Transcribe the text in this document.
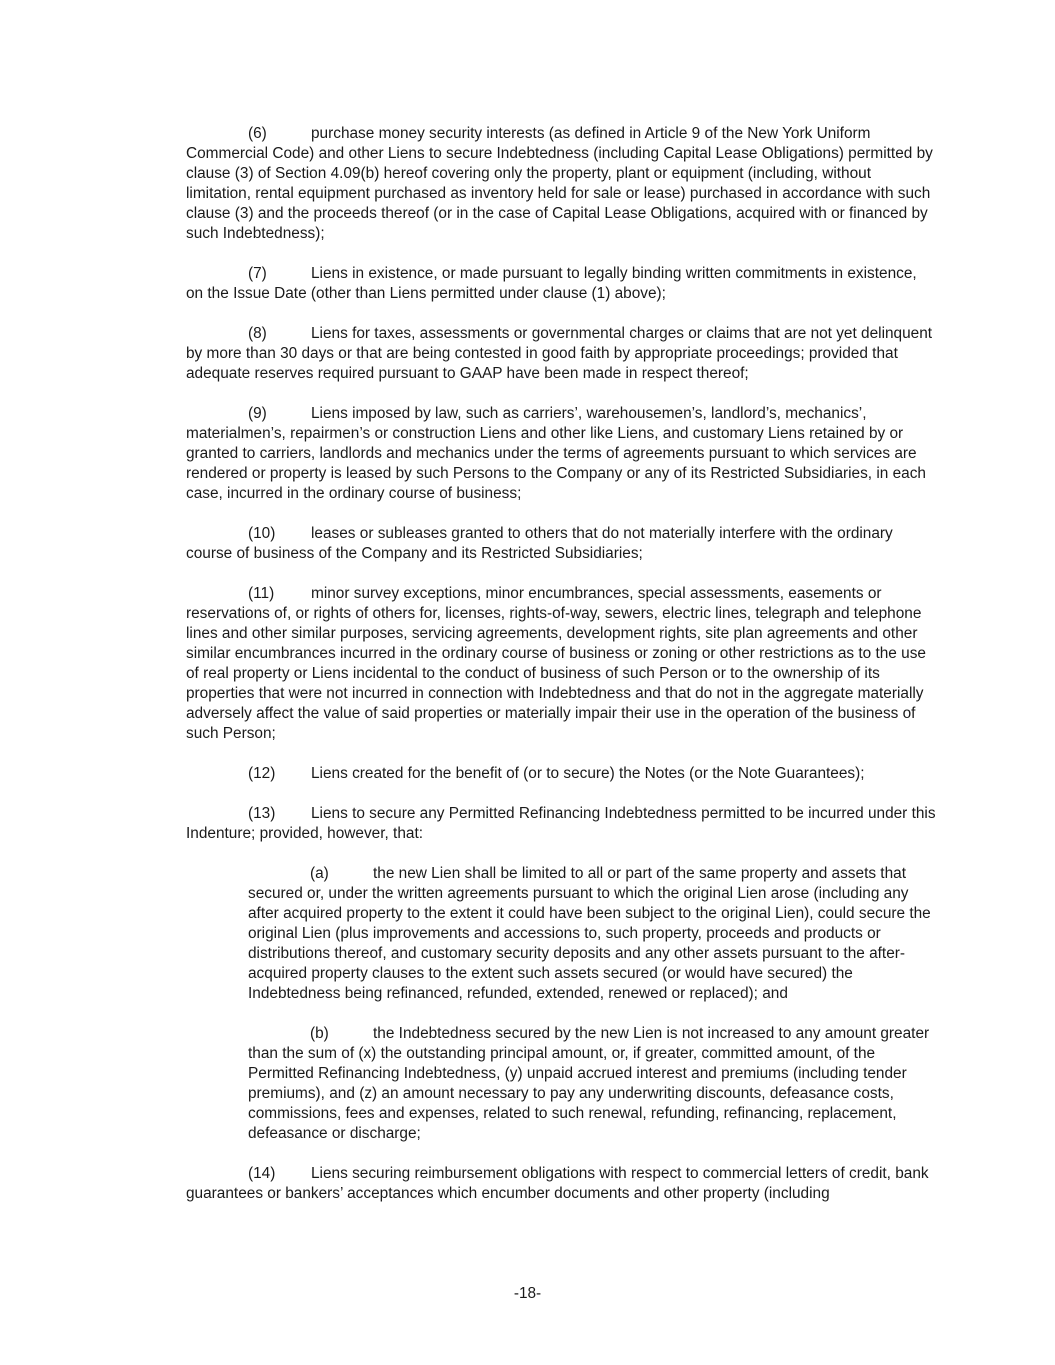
(6)	purchase money security interests (as defined in Article 9 of the New York Uniform Commercial Code) and other Liens to secure Indebtedness (including Capital Lease Obligations) permitted by clause (3) of Section 4.09(b) hereof covering only the property, plant or equipment (including, without limitation, rental equipment purchased as inventory held for sale or lease) purchased in accordance with such clause (3) and the proceeds thereof (or in the case of Capital Lease Obligations, acquired with or financed by such Indebtedness);

(7)	Liens in existence, or made pursuant to legally binding written commitments in existence, on the Issue Date (other than Liens permitted under clause (1) above);

(8)	Liens for taxes, assessments or governmental charges or claims that are not yet delinquent by more than 30 days or that are being contested in good faith by appropriate proceedings; provided that adequate reserves required pursuant to GAAP have been made in respect thereof;

(9)	Liens imposed by law, such as carriers’, warehousemen’s, landlord’s, mechanics’, materialmen’s, repairmen’s or construction Liens and other like Liens, and customary Liens retained by or granted to carriers, landlords and mechanics under the terms of agreements pursuant to which services are rendered or property is leased by such Persons to the Company or any of its Restricted Subsidiaries, in each case, incurred in the ordinary course of business;

(10) leases or subleases granted to others that do not materially interfere with the ordinary course of business of the Company and its Restricted Subsidiaries;

(11) minor survey exceptions, minor encumbrances, special assessments, easements or reservations of, or rights of others for, licenses, rights-of-way, sewers, electric lines, telegraph and telephone lines and other similar purposes, servicing agreements, development rights, site plan agreements and other similar encumbrances incurred in the ordinary course of business or zoning or other restrictions as to the use of real property or Liens incidental to the conduct of business of such Person or to the ownership of its properties that were not incurred in connection with Indebtedness and that do not in the aggregate materially adversely affect the value of said properties or materially impair their use in the operation of the business of such Person;

(12) Liens created for the benefit of (or to secure) the Notes (or the Note Guarantees);

(13) Liens to secure any Permitted Refinancing Indebtedness permitted to be incurred under this Indenture; provided, however, that:

(a)	the new Lien shall be limited to all or part of the same property and assets that secured or, under the written agreements pursuant to which the original Lien arose (including any after acquired property to the extent it could have been subject to the original Lien), could secure the original Lien (plus improvements and accessions to, such property, proceeds and products or distributions thereof, and customary security deposits and any other assets pursuant to the after-acquired property clauses to the extent such assets secured (or would have secured) the Indebtedness being refinanced, refunded, extended, renewed or replaced); and

(b)	the Indebtedness secured by the new Lien is not increased to any amount greater than the sum of (x) the outstanding principal amount, or, if greater, committed amount, of the Permitted Refinancing Indebtedness, (y) unpaid accrued interest and premiums (including tender premiums), and (z) an amount necessary to pay any underwriting discounts, defeasance costs, commissions, fees and expenses, related to such renewal, refunding, refinancing, replacement, defeasance or discharge;

(14) Liens securing reimbursement obligations with respect to commercial letters of credit, bank guarantees or bankers’ acceptances which encumber documents and other property (including

-18-
